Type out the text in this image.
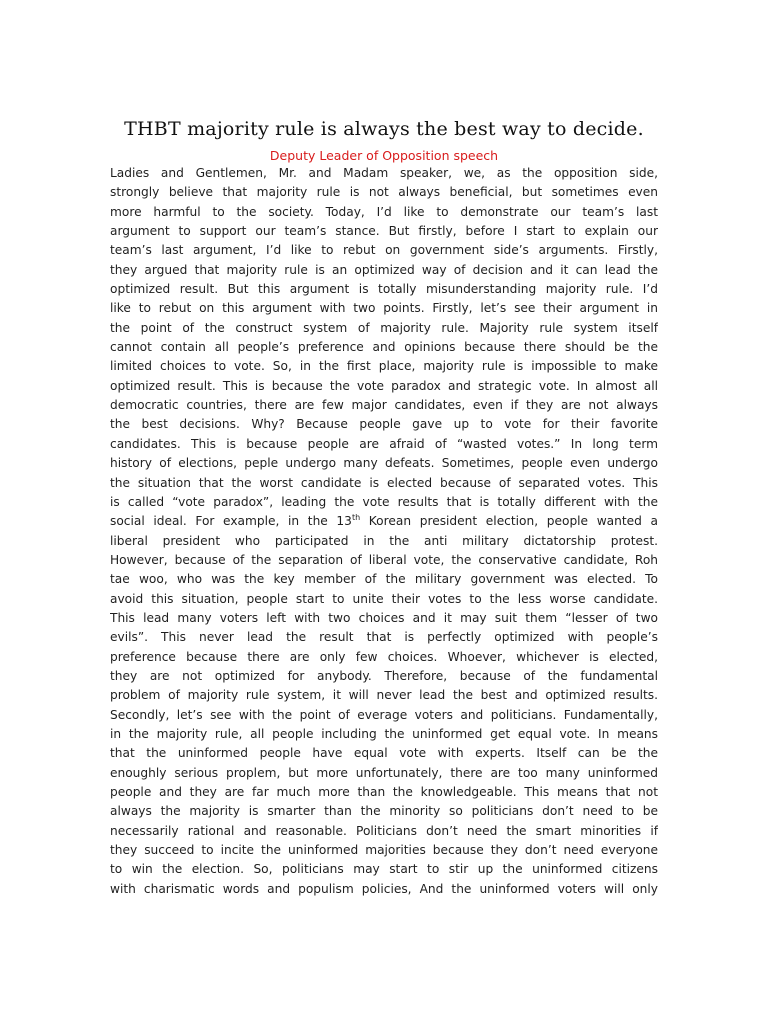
THBT majority rule is always the best way to decide.

Deputy Leader of Opposition speech

Ladies and Gentlemen, Mr. and Madam speaker, we, as the opposition side,
strongly believe that majority rule is not always beneficial, but sometimes even
more harmful to the society. Today, I’d like to demonstrate our team’s last
argument to support our team’s stance. But firstly, before I start to explain our
team’s last argument, I’d like to rebut on government side’s arguments. Firstly,
they argued that majority rule is an optimized way of decision and it can lead the
optimized result. But this argument is totally misunderstanding majority rule. I’d
like to rebut on this argument with two points. Firstly, let’s see their argument in
the point of the construct system of majority rule. Majority rule system itself
cannot contain all people’s preference and opinions because there should be the
limited choices to vote. So, in the first place, majority rule is impossible to make
optimized result. This is because the vote paradox and strategic vote. In almost all
democratic countries, there are few major candidates, even if they are not always
the best decisions. Why? Because people gave up to vote for their favorite
candidates. This is because people are afraid of “wasted votes.” In long term
history of elections, peple undergo many defeats. Sometimes, people even undergo
the situation that the worst candidate is elected because of separated votes. This
is called “vote paradox”, leading the vote results that is totally different with the
social ideal. For example, in the 13th Korean president election, people wanted a
liberal president who participated in the anti military dictatorship protest.
However, because of the separation of liberal vote, the conservative candidate, Roh
tae woo, who was the key member of the military government was elected. To
avoid this situation, people start to unite their votes to the less worse candidate.
This lead many voters left with two choices and it may suit them “lesser of two
evils”. This never lead the result that is perfectly optimized with people’s
preference because there are only few choices. Whoever, whichever is elected,
they are not optimized for anybody. Therefore, because of the fundamental
problem of majority rule system, it will never lead the best and optimized results.
Secondly, let’s see with the point of everage voters and politicians. Fundamentally,
in the majority rule, all people including the uninformed get equal vote. In means
that the uninformed people have equal vote with experts. Itself can be the
enoughly serious proplem, but more unfortunately, there are too many uninformed
people and they are far much more than the knowledgeable. This means that not
always the majority is smarter than the minority so politicians don’t need to be
necessarily rational and reasonable. Politicians don’t need the smart minorities if
they succeed to incite the uninformed majorities because they don’t need everyone
to win the election. So, politicians may start to stir up the uninformed citizens
with charismatic words and populism policies, And the uninformed voters will only
